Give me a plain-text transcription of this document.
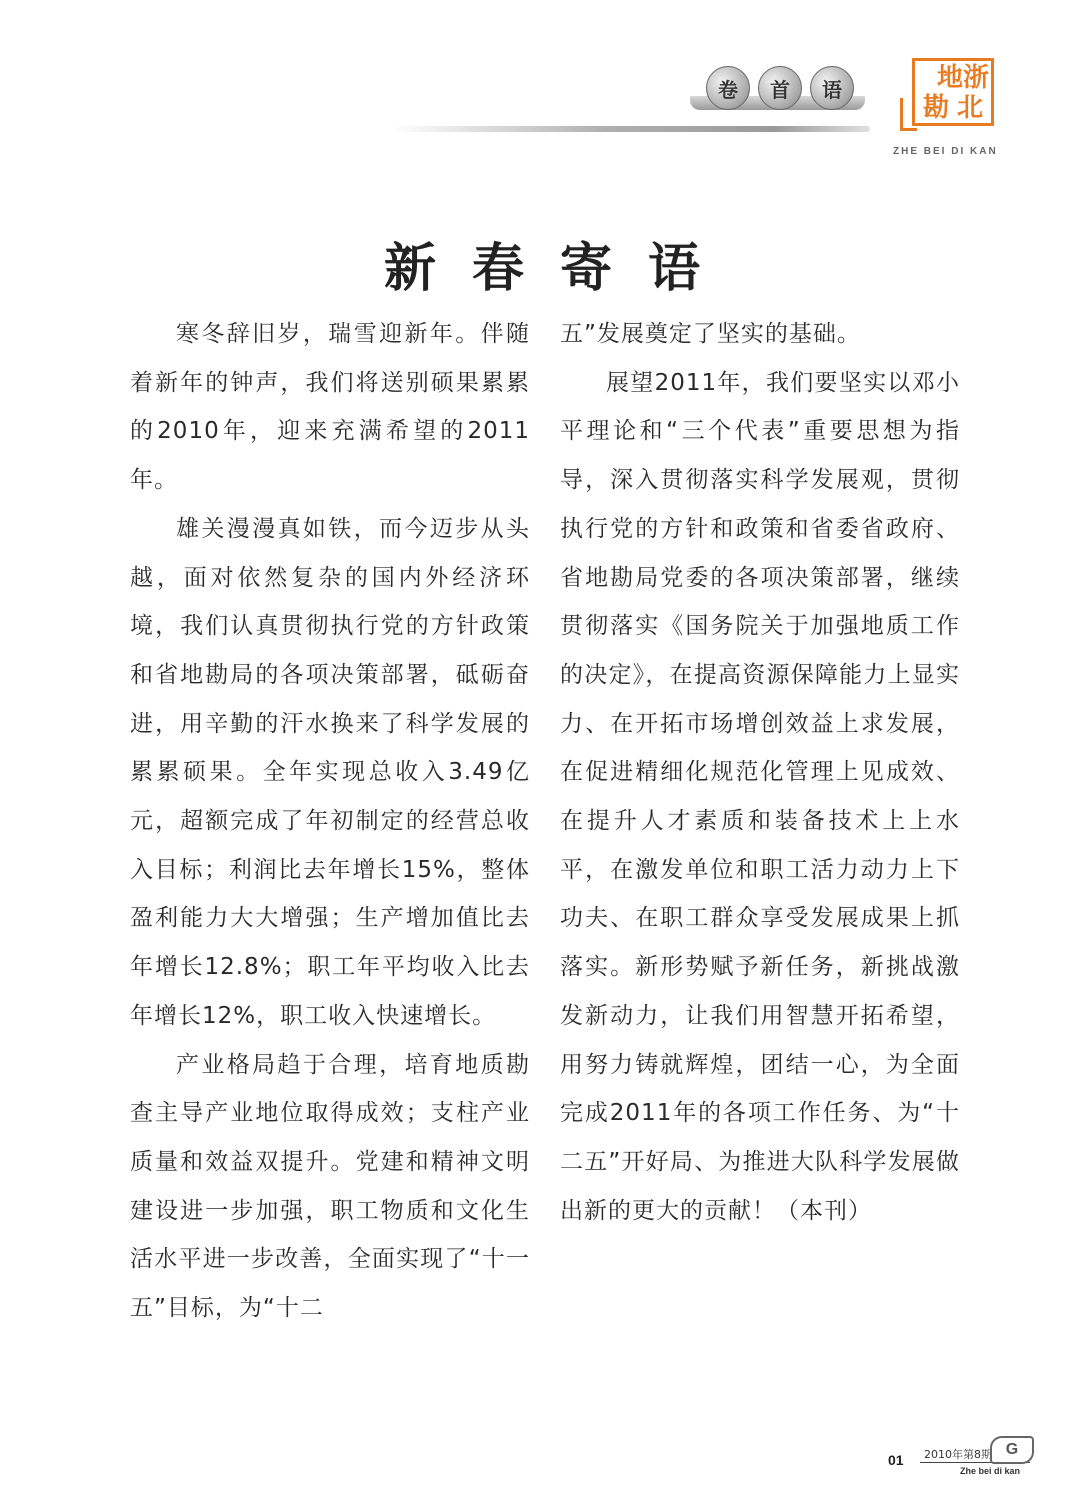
卷	首	语	地 浙
勘 北
ZHE BEI DI KAN
新春寄语

寒冬辞旧岁，瑞雪迎新年。伴随着新年的钟声，我们将送别硕果累累的2010年，迎来充满希望的2011年。

雄关漫漫真如铁，而今迈步从头越，面对依然复杂的国内外经济环境，我们认真贯彻执行党的方针政策和省地勘局的各项决策部署，砥砺奋进，用辛勤的汗水换来了科学发展的累累硕果。全年实现总收入3.49亿元，超额完成了年初制定的经营总收入目标；利润比去年增长15%，整体盈利能力大大增强；生产增加值比去年增长12.8%；职工年平均收入比去年增长12%，职工收入快速增长。

产业格局趋于合理，培育地质勘查主导产业地位取得成效；支柱产业质量和效益双提升。党建和精神文明建设进一步加强，职工物质和文化生活水平进一步改善，全面实现了“十一五”目标，为“十二

五”发展奠定了坚实的基础。

展望2011年，我们要坚实以邓小平理论和“三个代表”重要思想为指导，深入贯彻落实科学发展观，贯彻执行党的方针和政策和省委省政府、省地勘局党委的各项决策部署，继续贯彻落实《国务院关于加强地质工作的决定》，在提高资源保障能力上显实力、在开拓市场增创效益上求发展，在促进精细化规范化管理上见成效、在提升人才素质和装备技术上上水平，在激发单位和职工活力动力上下功夫、在职工群众享受发展成果上抓落实。新形势赋予新任务，新挑战激发新动力，让我们用智慧开拓希望，用努力铸就辉煌，团结一心，为全面完成2011年的各项工作任务、为“十二五”开好局、为推进大队科学发展做出新的更大的贡献！（本刊）

01 2010年第8期
Zhe bei di kan
G
